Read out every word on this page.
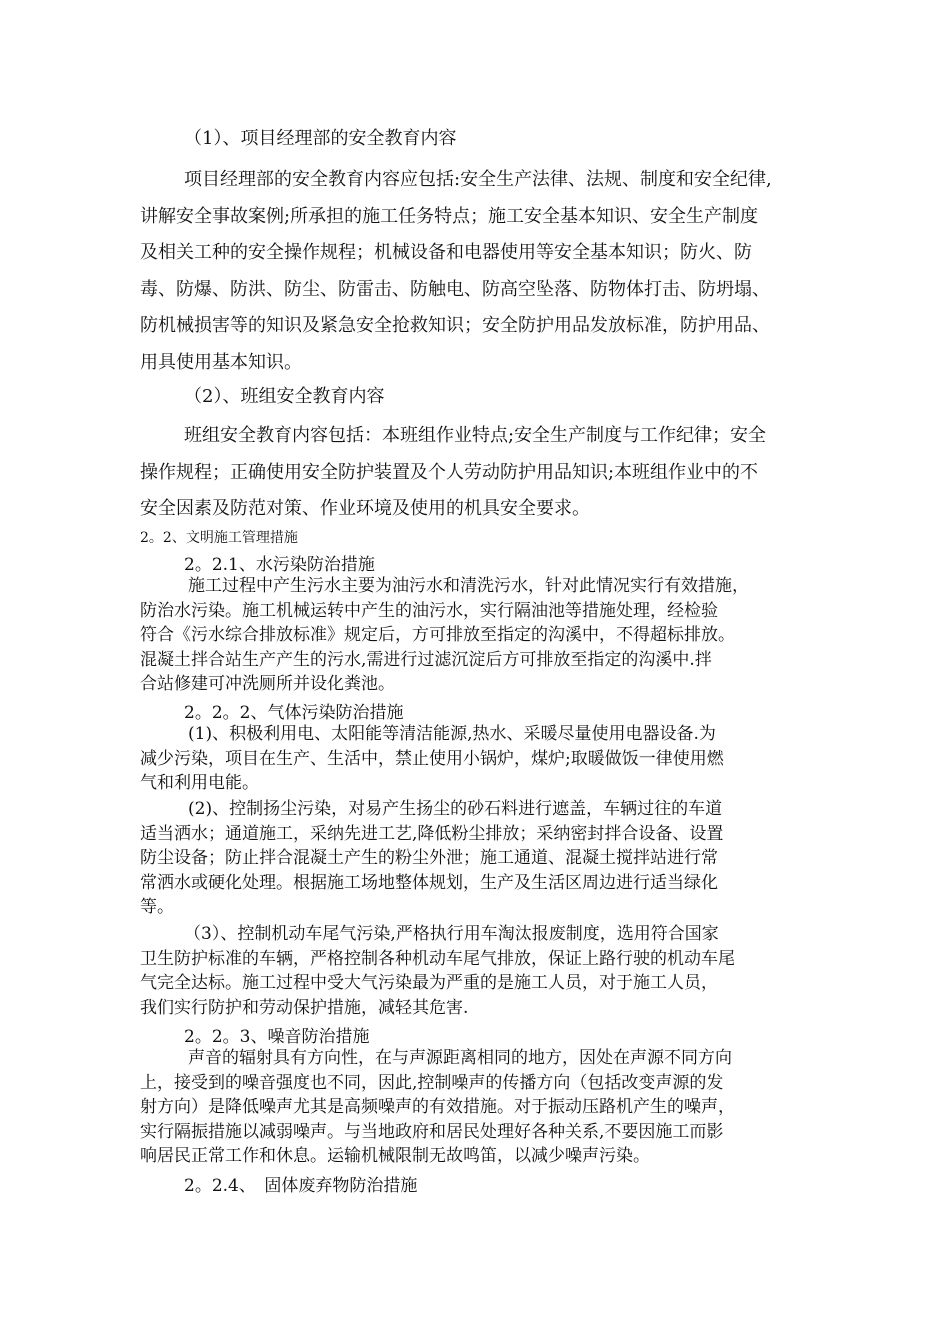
（1）、项目经理部的安全教育内容
项目经理部的安全教育内容应包括:安全生产法律、法规、制度和安全纪律,
讲解安全事故案例;所承担的施工任务特点；施工安全基本知识、安全生产制度
及相关工种的安全操作规程；机械设备和电器使用等安全基本知识；防火、防
毒、防爆、防洪、防尘、防雷击、防触电、防高空坠落、防物体打击、防坍塌、
防机械损害等的知识及紧急安全抢救知识；安全防护用品发放标准，防护用品、
用具使用基本知识。
（2）、班组安全教育内容
班组安全教育内容包括：本班组作业特点;安全生产制度与工作纪律；安全
操作规程；正确使用安全防护装置及个人劳动防护用品知识;本班组作业中的不
安全因素及防范对策、作业环境及使用的机具安全要求。
2。2、文明施工管理措施
2。2.1、水污染防治措施
施工过程中产生污水主要为油污水和清洗污水，针对此情况实行有效措施，
防治水污染。施工机械运转中产生的油污水，实行隔油池等措施处理，经检验
符合《污水综合排放标准》规定后，方可排放至指定的沟溪中，不得超标排放。
混凝土拌合站生产产生的污水,需进行过滤沉淀后方可排放至指定的沟溪中.拌
合站修建可冲洗厕所并设化粪池。
2。2。2、气体污染防治措施
(1)、积极利用电、太阳能等清洁能源,热水、采暖尽量使用电器设备.为
减少污染，项目在生产、生活中，禁止使用小锅炉，煤炉;取暖做饭一律使用燃
气和利用电能。
(2)、控制扬尘污染，对易产生扬尘的砂石料进行遮盖，车辆过往的车道
适当洒水；通道施工，采纳先进工艺,降低粉尘排放；采纳密封拌合设备、设置
防尘设备；防止拌合混凝土产生的粉尘外泄；施工通道、混凝土搅拌站进行常
常洒水或硬化处理。根据施工场地整体规划，生产及生活区周边进行适当绿化
等。
（3）、控制机动车尾气污染,严格执行用车淘汰报废制度，选用符合国家
卫生防护标准的车辆，严格控制各种机动车尾气排放，保证上路行驶的机动车尾
气完全达标。施工过程中受大气污染最为严重的是施工人员，对于施工人员，
我们实行防护和劳动保护措施，减轻其危害.
2。2。3、噪音防治措施
声音的辐射具有方向性，在与声源距离相同的地方，因处在声源不同方向
上，接受到的噪音强度也不同，因此,控制噪声的传播方向（包括改变声源的发
射方向）是降低噪声尤其是高频噪声的有效措施。对于振动压路机产生的噪声，
实行隔振措施以减弱噪声。与当地政府和居民处理好各种关系,不要因施工而影
响居民正常工作和休息。运输机械限制无故鸣笛，以减少噪声污染。
2。2.4、　固体废弃物防治措施
